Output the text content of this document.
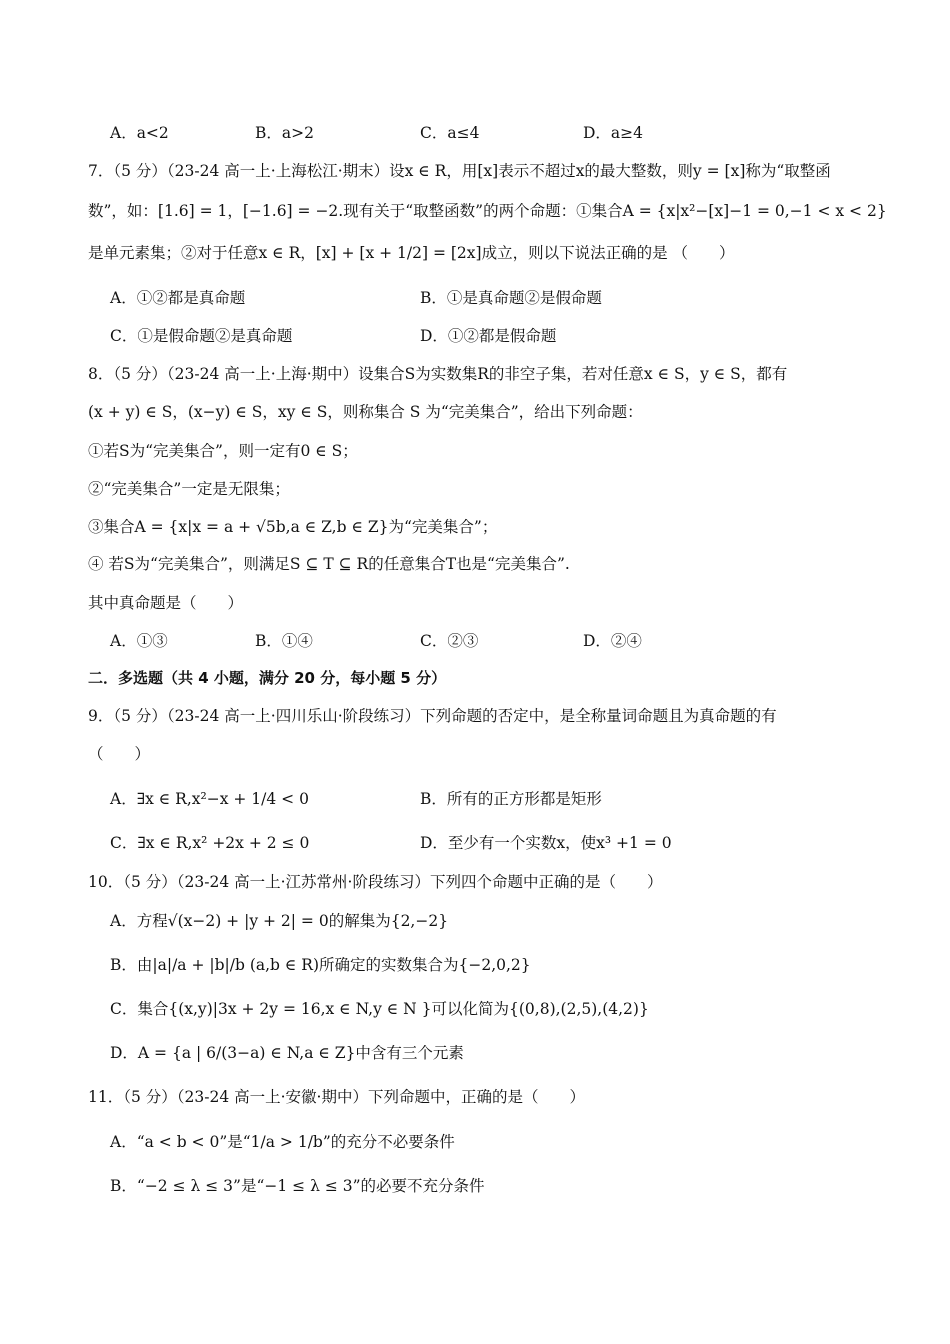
A．a<2	B．a>2	C．a≤4	D．a≥4
7．（5 分）（23-24 高一上·上海松江·期末）设x ∈ R，用[x]表示不超过x的最大整数，则y = [x]称为“取整函
数”，如：[1.6] = 1，[−1.6] = −2.现有关于“取整函数”的两个命题：①集合A = {x|x²−[x]−1 = 0,−1 < x < 2}
是单元素集；②对于任意x ∈ R，[x] + [x + 1/2] = [2x]成立，则以下说法正确的是 （　　）
A．①②都是真命题	B．①是真命题②是假命题
C．①是假命题②是真命题	D．①②都是假命题
8．（5 分）（23-24 高一上·上海·期中）设集合S为实数集R的非空子集，若对任意x ∈ S，y ∈ S，都有
(x + y) ∈ S，(x−y) ∈ S，xy ∈ S，则称集合 S 为“完美集合”，给出下列命题：
①若S为“完美集合”，则一定有0 ∈ S；
②“完美集合”一定是无限集；
③集合A = {x|x = a + √5b,a ∈ Z,b ∈ Z}为“完美集合”；
④ 若S为“完美集合”，则满足S ⊆ T ⊆ R的任意集合T也是“完美集合”.
其中真命题是（　　）
A．①③	B．①④	C．②③	D．②④
二．多选题（共 4 小题，满分 20 分，每小题 5 分）
9．（5 分）（23-24 高一上·四川乐山·阶段练习）下列命题的否定中，是全称量词命题且为真命题的有
（　　）
A．∃x ∈ R,x²−x + 1/4 < 0	B．所有的正方形都是矩形
C．∃x ∈ R,x² +2x + 2 ≤ 0	D．至少有一个实数x，使x³ +1 = 0
10．（5 分）（23-24 高一上·江苏常州·阶段练习）下列四个命题中正确的是（　　）
A．方程√(x−2) + |y + 2| = 0的解集为{2,−2}
B．由|a|/a + |b|/b (a,b ∈ R)所确定的实数集合为{−2,0,2}
C．集合{(x,y)|3x + 2y = 16,x ∈ N,y ∈ N }可以化简为{(0,8),(2,5),(4,2)}
D．A = {a | 6/(3−a) ∈ N,a ∈ Z}中含有三个元素
11．（5 分）（23-24 高一上·安徽·期中）下列命题中，正确的是（　　）
A．“a < b < 0”是“1/a > 1/b”的充分不必要条件
B．“−2 ≤ λ ≤ 3”是“−1 ≤ λ ≤ 3”的必要不充分条件
